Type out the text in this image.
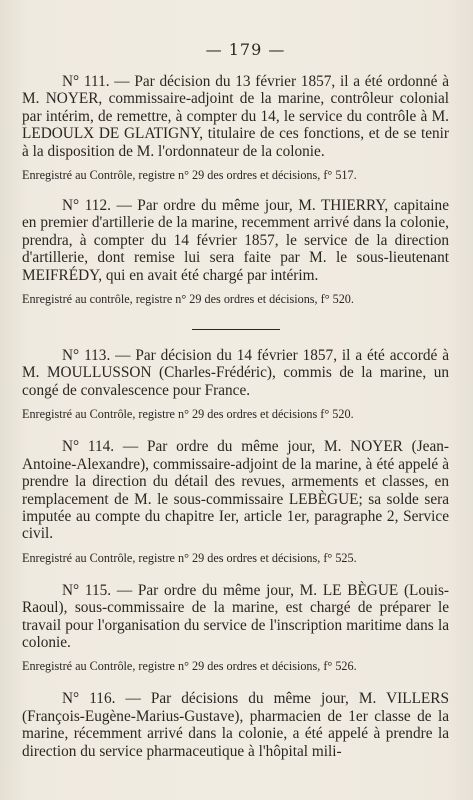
— 179 —

N° 111. — Par décision du 13 février 1857, il a été ordonné à M. NOYER, commissaire-adjoint de la marine, contrôleur colonial par intérim, de remettre, à compter du 14, le service du contrôle à M. LEDOULX DE GLATIGNY, titulaire de ces fonctions, et de se tenir à la disposition de M. l'ordonnateur de la colonie.

Enregistré au Contrôle, registre n° 29 des ordres et décisions, f° 517.

N° 112. — Par ordre du même jour, M. THIERRY, capitaine en premier d'artillerie de la marine, recemment arrivé dans la colonie, prendra, à compter du 14 février 1857, le service de la direction d'artillerie, dont remise lui sera faite par M. le sous-lieutenant MEIFRÉDY, qui en avait été chargé par intérim.

Enregistré au contrôle, registre n° 29 des ordres et décisions, f° 520.

N° 113. — Par décision du 14 février 1857, il a été accordé à M. MOULLUSSON (Charles-Frédéric), commis de la marine, un congé de convalescence pour France.

Enregistré au Contrôle, registre n° 29 des ordres et décisions f° 520.

N° 114. — Par ordre du même jour, M. NOYER (Jean-Antoine-Alexandre), commissaire-adjoint de la marine, à été appelé à prendre la direction du détail des revues, armements et classes, en remplacement de M. le sous-commissaire LEBÈGUE; sa solde sera imputée au compte du chapitre Ier, article 1er, paragraphe 2, Service civil.

Enregistré au Contrôle, registre n° 29 des ordres et décisions, f° 525.

N° 115. — Par ordre du même jour, M. LE BÈGUE (Louis-Raoul), sous-commissaire de la marine, est chargé de préparer le travail pour l'organisation du service de l'inscription maritime dans la colonie.

Enregistré au Contrôle, registre n° 29 des ordres et décisions, f° 526.

N° 116. — Par décisions du même jour, M. VILLERS (François-Eugène-Marius-Gustave), pharmacien de 1er classe de la marine, récemment arrivé dans la colonie, a été appelé à prendre la direction du service pharmaceutique à l'hôpital mili-
